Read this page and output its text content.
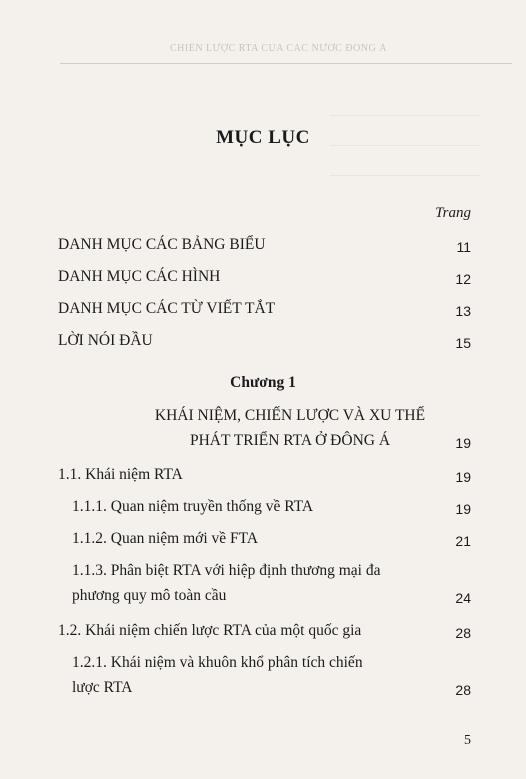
CHIẾN LƯỢC RTA CỦA CÁC NƯỚC ĐÔNG Á
MỤC LỤC
Trang
DANH MỤC CÁC BẢNG BIỂU	11
DANH MỤC CÁC HÌNH	12
DANH MỤC CÁC TỪ VIẾT TẮT	13
LỜI NÓI ĐẦU	15
Chương 1
KHÁI NIỆM, CHIẾN LƯỢC VÀ XU THẾ
PHÁT TRIỂN RTA Ở ĐÔNG Á	19
1.1. Khái niệm RTA	19
1.1.1. Quan niệm truyền thống về RTA	19
1.1.2. Quan niệm mới về FTA	21
1.1.3. Phân biệt RTA với hiệp định thương mại đa
phương quy mô toàn cầu	24
1.2. Khái niệm chiến lược RTA của một quốc gia	28
1.2.1. Khái niệm và khuôn khổ phân tích chiến
lược RTA	28
5
